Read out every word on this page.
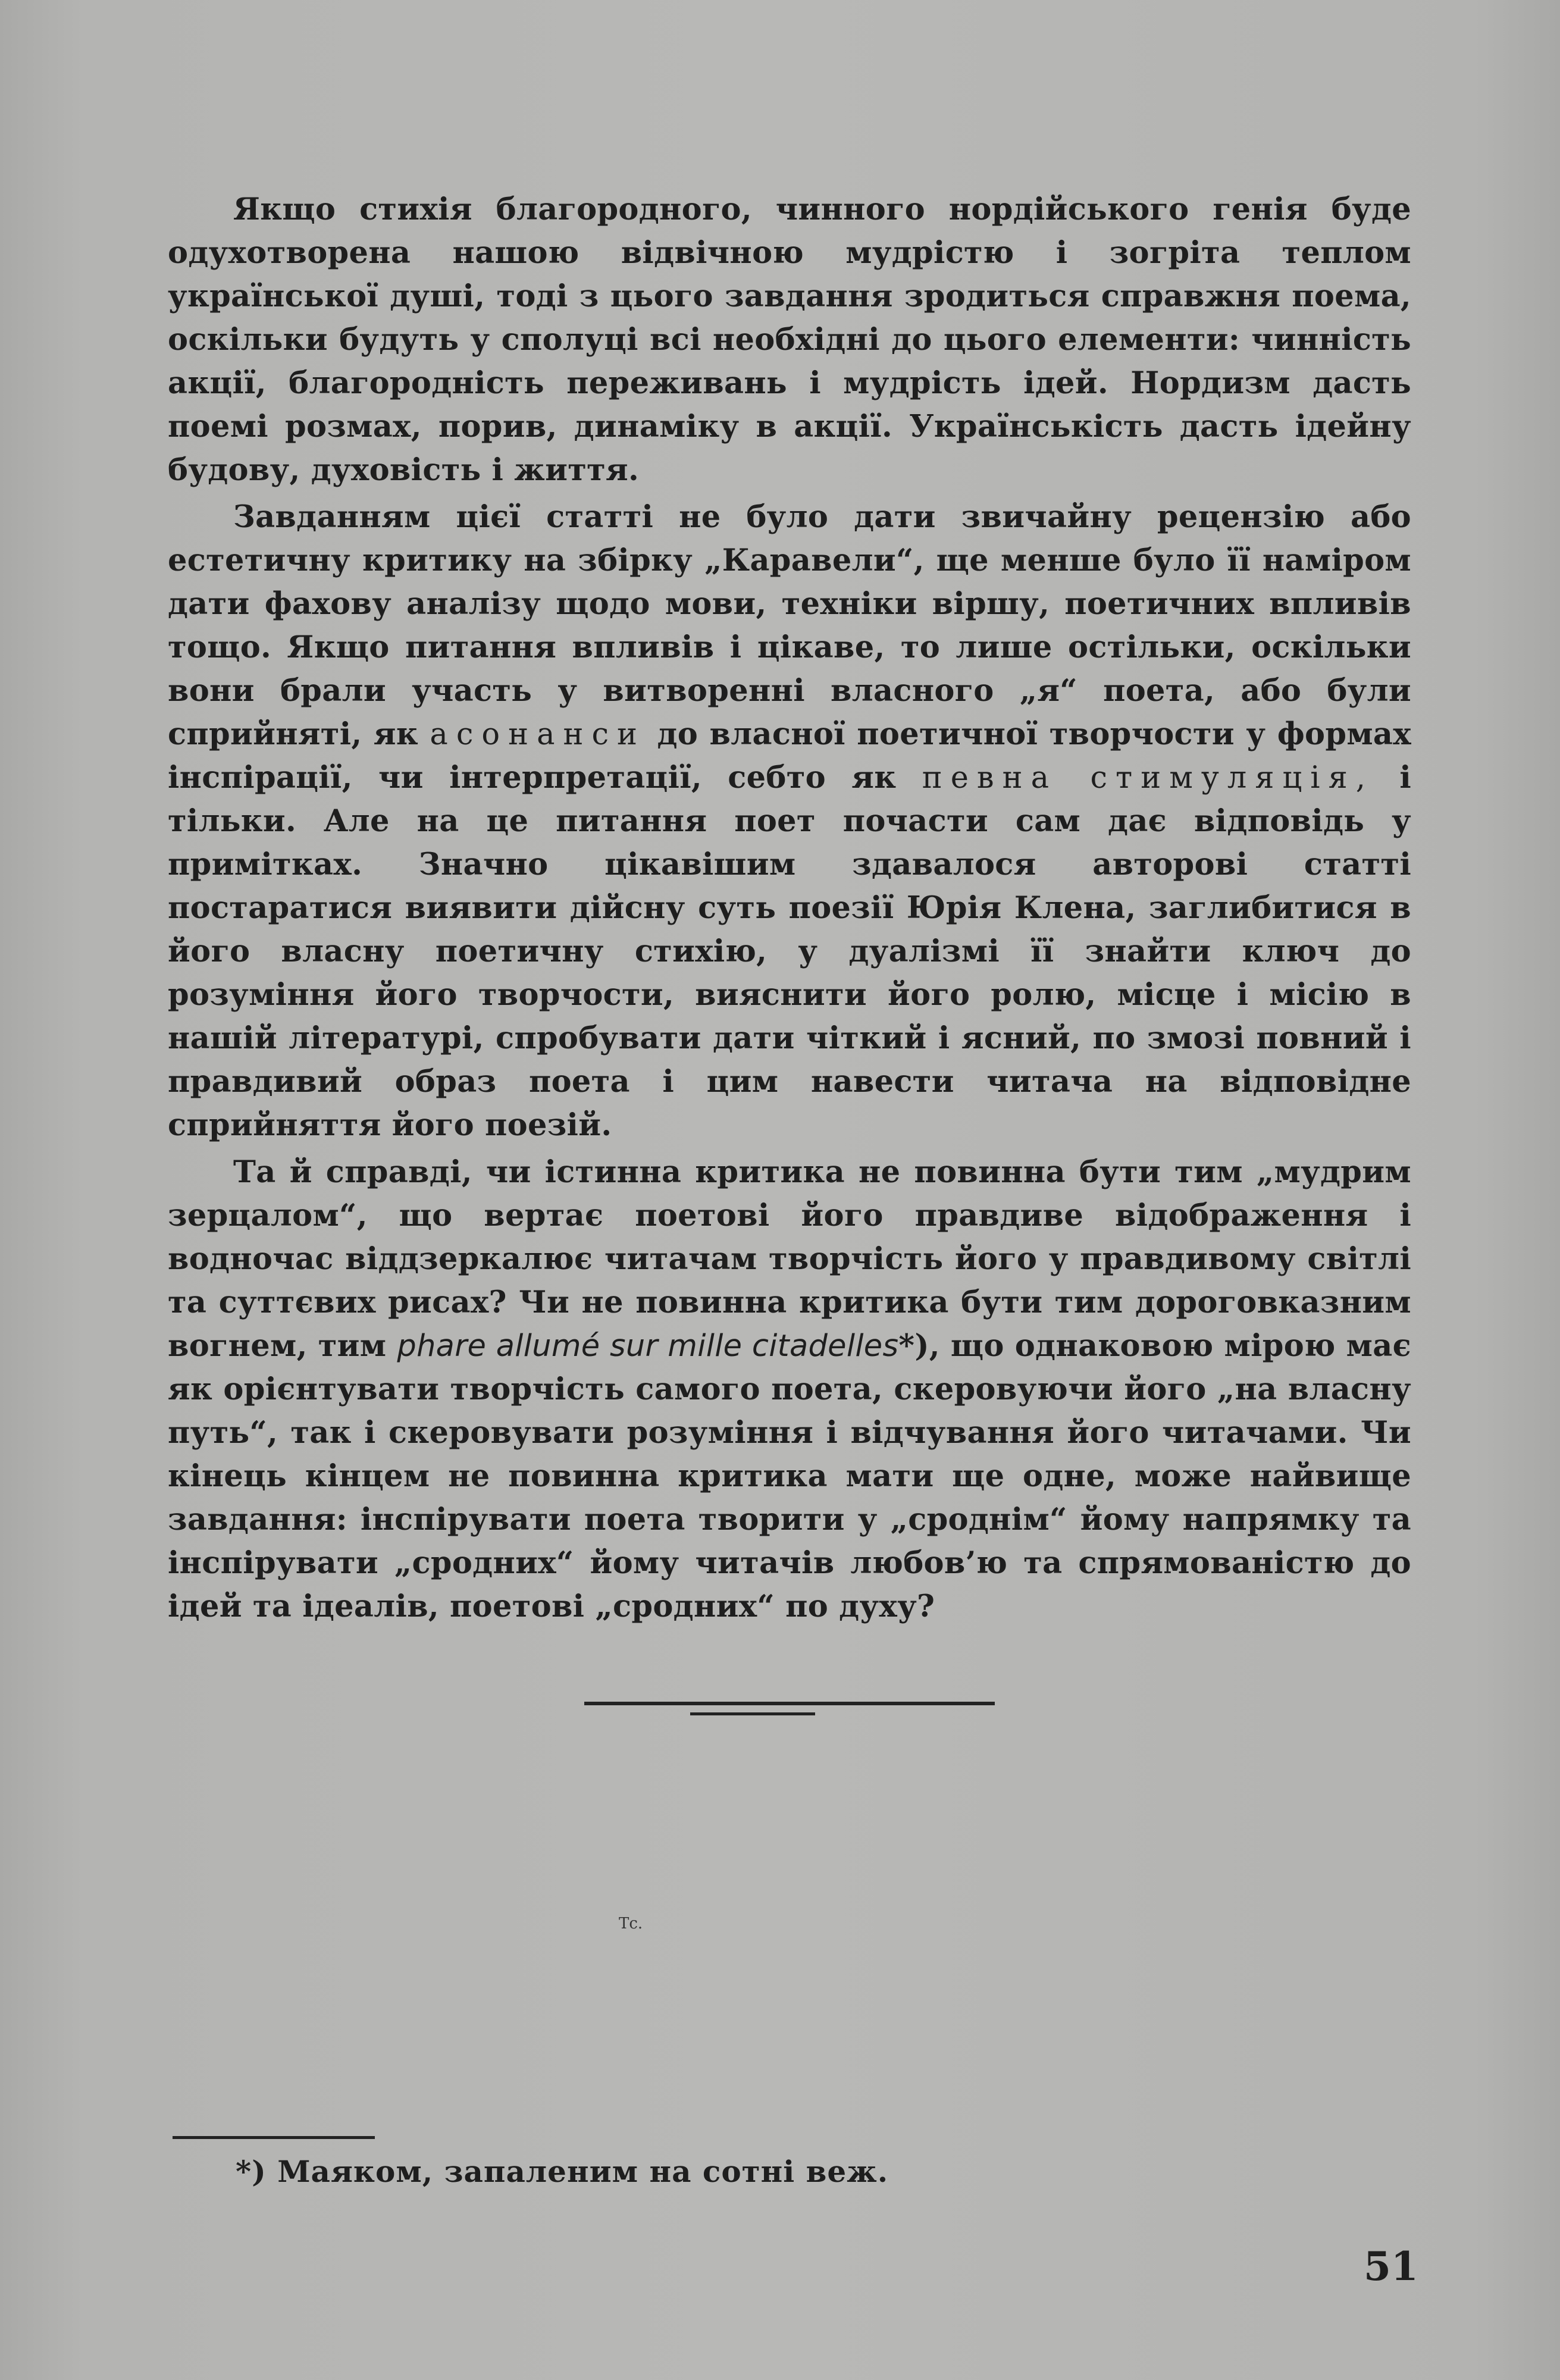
Якщо стихія благородного, чинного нордійського генія буде одухотворена нашою відвічною мудрістю і зогріта теплом української душі, тоді з цього завдання зродиться справжня поема, оскільки будуть у сполуці всі необхідні до цього елементи: чинність акції, благородність переживань і мудрість ідей. Нордизм дасть поемі розмах, порив, динаміку в акції. Українськість дасть ідейну будову, духовість і життя.

Завданням цієї статті не було дати звичайну рецензію або естетичну критику на збірку „Каравели“, ще менше було її наміром дати фахову аналізу щодо мови, техніки віршу, поетичних впливів тощо. Якщо питання впливів і цікаве, то лише остільки, оскільки вони брали участь у витворенні власного „я“ поета, або були сприйняті, як асонанси до власної поетичної творчости у формах інспірації, чи інтерпретації, себто як певна стимуляція, і тільки. Але на це питання поет почасти сам дає відповідь у примітках. Значно цікавішим здавалося авторові статті постаратися виявити дійсну суть поезії Юрія Клена, заглибитися в його власну поетичну стихію, у дуалізмі її знайти ключ до розуміння його творчости, вияснити його ролю, місце і місію в нашій літературі, спробувати дати чіткий і ясний, по змозі повний і правдивий образ поета і цим навести читача на відповідне сприйняття його поезій.

Та й справді, чи істинна критика не повинна бути тим „мудрим зерцалом“, що вертає поетові його правдиве відображення і водночас віддзеркалює читачам творчість його у правдивому світлі та суттєвих рисах? Чи не повинна критика бути тим дороговказним вогнем, тим phare allumé sur mille citadelles*), що однаковою мірою має як орієнтувати творчість самого поета, скеровуючи його „на власну путь“, так і скеровувати розуміння і відчування його читачами. Чи кінець кінцем не повинна критика мати ще одне, може найвище завдання: інспірувати поета творити у „сроднім“ йому напрямку та інспірувати „сродних“ йому читачів любов’ю та спрямованістю до ідей та ідеалів, поетові „сродних“ по духу?

Тс.
*) Маяком, запаленим на сотні веж.
51
